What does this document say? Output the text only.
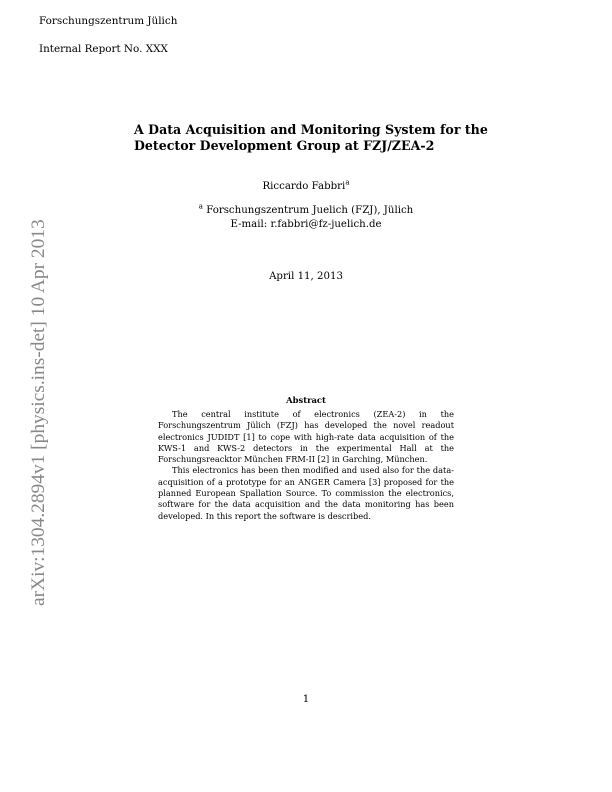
Forschungszentrum Jülich
Internal Report No. XXX
A Data Acquisition and Monitoring System for the Detector Development Group at FZJ/ZEA-2
Riccardo Fabbri$^a$
$^a$ Forschungszentrum Juelich (FZJ), Jülich
E-mail: r.fabbri@fz-juelich.de
April 11, 2013
Abstract

The central institute of electronics (ZEA-2) in the Forschungszentrum Jülich (FZJ) has developed the novel readout electronics JUDIDT [1] to cope with high-rate data acquisition of the KWS-1 and KWS-2 detectors in the experimental Hall at the Forschungsreacktor München FRM-II [2] in Garching, München.

This electronics has been then modified and used also for the data-acquisition of a prototype for an ANGER Camera [3] proposed for the planned European Spallation Source. To commission the electronics, software for the data acquisition and the data monitoring has been developed. In this report the software is described.

1
arXiv:1304.2894v1 [physics.ins-det] 10 Apr 2013
